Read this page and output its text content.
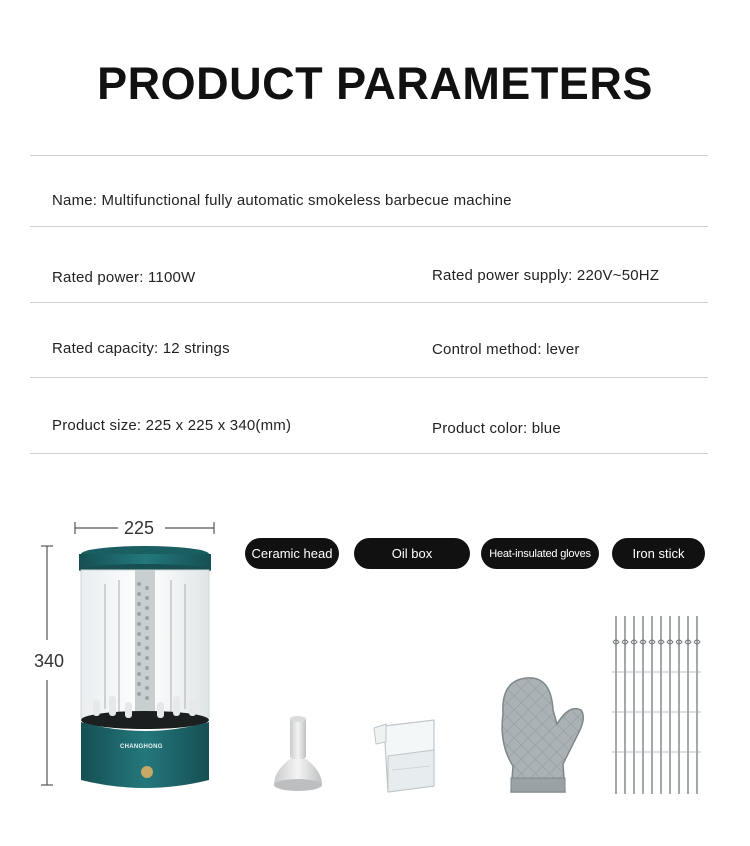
PRODUCT PARAMETERS
Name: Multifunctional fully automatic smokeless barbecue machine
Rated power: 1100W	Rated power supply: 220V~50HZ
Rated capacity: 12 strings	Control method: lever
Product size: 225 x 225 x 340(mm)	Product color: blue
225
340
CHANGHONG
Ceramic head	Oil box	Heat-insulated gloves	Iron stick
